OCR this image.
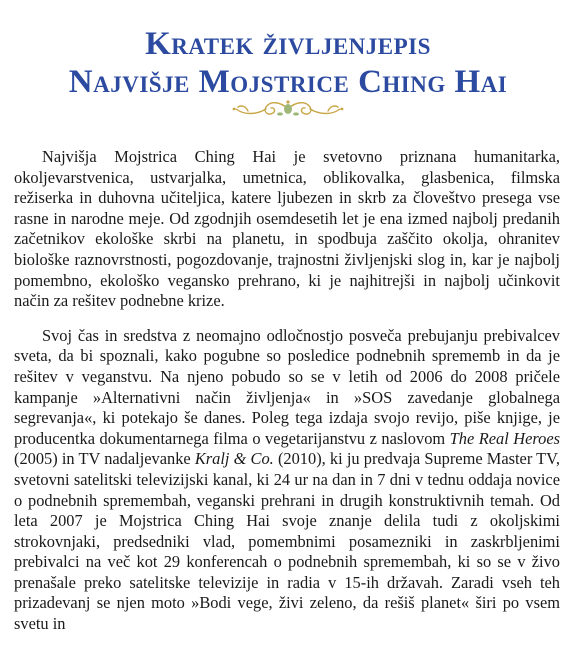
Kratek življenjepis
Najvišje Mojstrice Ching Hai

Najvišja Mojstrica Ching Hai je svetovno priznana humanitarka, okoljevarstvenica, ustvarjalka, umetnica, oblikovalka, glasbenica, filmska režiserka in duhovna učiteljica, katere ljubezen in skrb za človeštvo presega vse rasne in narodne meje. Od zgodnjih osemdesetih let je ena izmed najbolj predanih začetnikov ekološke skrbi na planetu, in spodbuja zaščito okolja, ohranitev biološke raznovrstnosti, pogozdovanje, trajnostni življenjski slog in, kar je najbolj pomembno, ekološko vegansko prehrano, ki je najhitrejši in najbolj učinkovit način za rešitev podnebne krize.

Svoj čas in sredstva z neomajno odločnostjo posveča prebujanju prebivalcev sveta, da bi spoznali, kako pogubne so posledice podnebnih sprememb in da je rešitev v veganstvu. Na njeno pobudo so se v letih od 2006 do 2008 pričele kampanje »Alternativni način življenja« in »SOS zavedanje globalnega segrevanja«, ki potekajo še danes. Poleg tega izdaja svojo revijo, piše knjige, je producentka dokumentarnega filma o vegetarijanstvu z naslovom The Real Heroes (2005) in TV nadaljevanke Kralj & Co. (2010), ki ju predvaja Supreme Master TV, svetovni satelitski televizijski kanal, ki 24 ur na dan in 7 dni v tednu oddaja novice o podnebnih spremembah, veganski prehrani in drugih konstruktivnih temah. Od leta 2007 je Mojstrica Ching Hai svoje znanje delila tudi z okoljskimi strokovnjaki, predsedniki vlad, pomembnimi posamezniki in zaskrbljenimi prebivalci na več kot 29 konferencah o podnebnih spremembah, ki so se v živo prenašale preko satelitske televizije in radia v 15-ih državah. Zaradi vseh teh prizadevanj se njen moto »Bodi vege, živi zeleno, da rešiš planet« širi po vsem svetu in
